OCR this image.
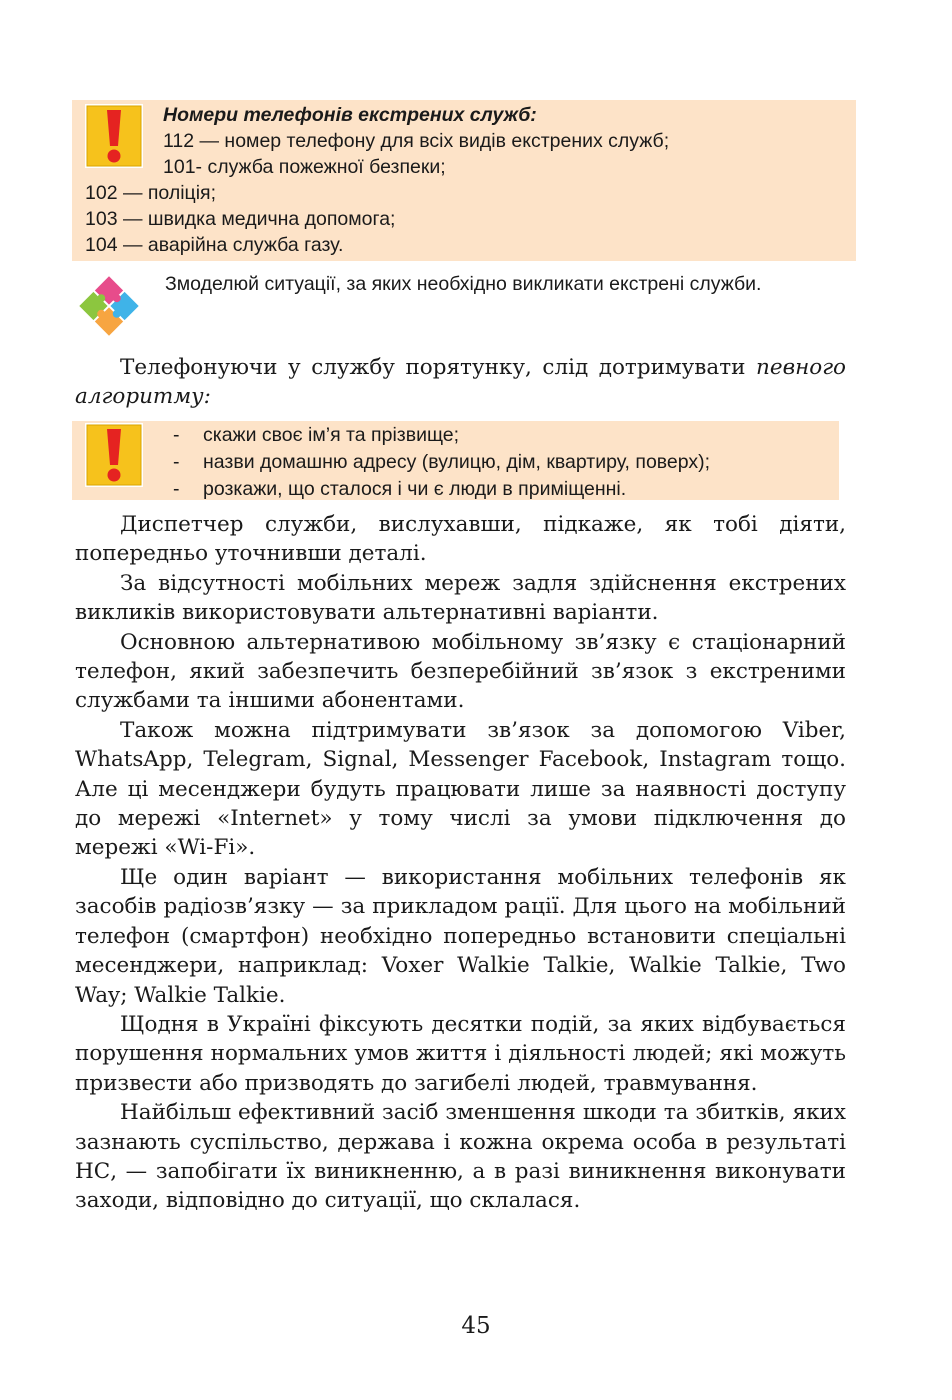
Номери телефонів екстрених служб:
112 — номер телефону для всіх видів екстрених служб;
101- служба пожежної безпеки;
102 — поліція;
103 — швидка медична допомога;
104 — аварійна служба газу.
Змоделюй ситуації, за яких необхідно викликати екстрені служби.

Телефонуючи у службу порятунку, слід дотримувати певного алгоритму:

- скажи своє ім’я та прізвище;
- назви домашню адресу (вулицю, дім, квартиру, поверх);
- розкажи, що сталося і чи є люди в приміщенні.

Диспетчер служби, вислухавши, підкаже, як тобі діяти, попередньо уточнивши деталі.

За відсутності мобільних мереж задля здійснення екстрених викликів використовувати альтернативні варіанти.

Основною альтернативою мобільному зв’язку є стаціонарний телефон, який забезпечить безперебійний зв’язок з екстреними службами та іншими абонентами.

Також можна підтримувати зв’язок за допомогою Viber, WhatsApp, Telegram, Signal, Messenger Facebook, Instagram тощо. Але ці месенджери будуть працювати лише за наявності доступу до мережі «Internet» у тому числі за умови підключення до мережі «Wi-Fi».

Ще один варіант — використання мобільних телефонів як засобів радіозв’язку — за прикладом рації. Для цього на мобільний телефон (смартфон) необхідно попередньо встановити спеціальні месенджери, наприклад: Voxer Walkie Talkie, Walkie Talkie, Two Way; Walkie Talkie.

Щодня в Україні фіксують десятки подій, за яких відбувається порушення нормальних умов життя і діяльності людей; які можуть призвести або призводять до загибелі людей, травмування.

Найбільш ефективний засіб зменшення шкоди та збитків, яких зазнають суспільство, держава і кожна окрема особа в результаті НС, — запобігати їх виникненню, а в разі виникнення виконувати заходи, відповідно до ситуації, що склалася.

45
